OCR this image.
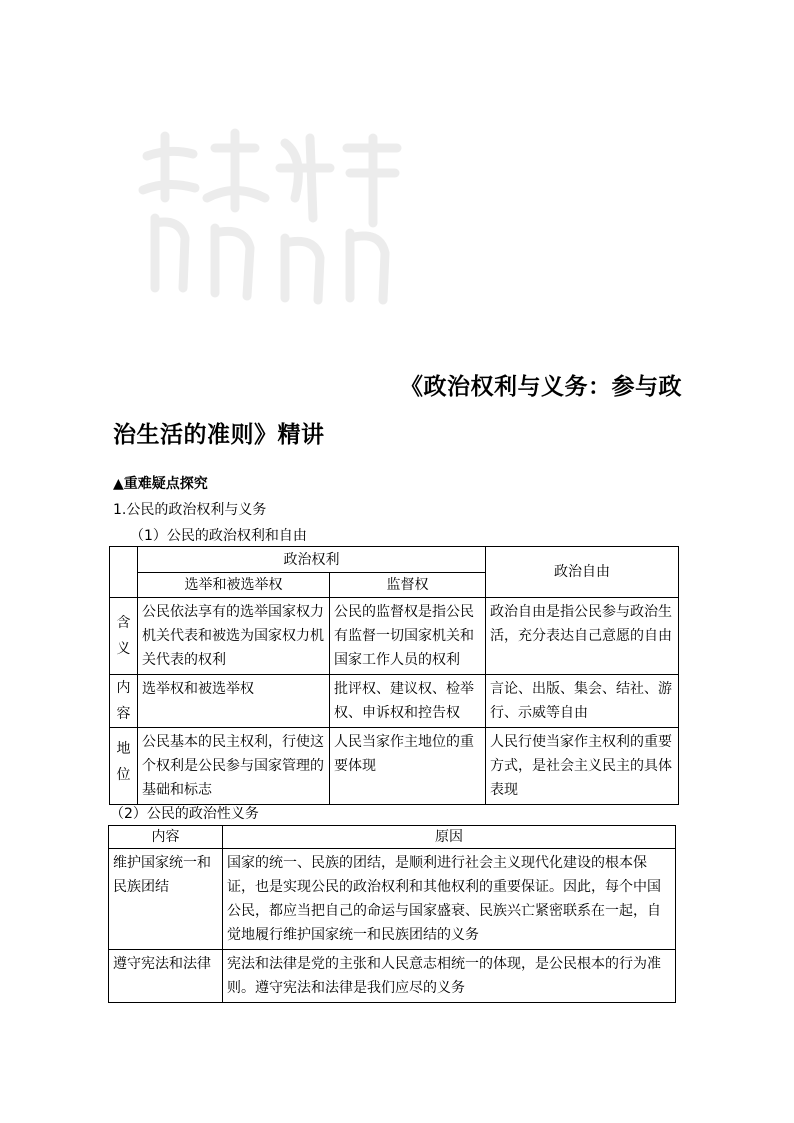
《政治权利与义务：参与政
治生活的准则》精讲
▲重难疑点探究
1.公民的政治权利与义务
（1）公民的政治权利和自由
	政治权利		政治自由
	选举和被选举权	监督权	
含义	公民依法享有的选举国家权力机关代表和被选为国家权力机关代表的权利	公民的监督权是指公民有监督一切国家机关和国家工作人员的权利	政治自由是指公民参与政治生活，充分表达自己意愿的自由
内容	选举权和被选举权	批评权、建议权、检举权、申诉权和控告权	言论、出版、集会、结社、游行、示威等自由
地位	公民基本的民主权利，行使这个权利是公民参与国家管理的基础和标志	人民当家作主地位的重要体现	人民行使当家作主权利的重要方式，是社会主义民主的具体表现
（2）公民的政治性义务
内容	原因
维护国家统一和民族团结	国家的统一、民族的团结，是顺利进行社会主义现代化建设的根本保证，也是实现公民的政治权利和其他权利的重要保证。因此，每个中国公民，都应当把自己的命运与国家盛衰、民族兴亡紧密联系在一起，自觉地履行维护国家统一和民族团结的义务
遵守宪法和法律	宪法和法律是党的主张和人民意志相统一的体现，是公民根本的行为准则。遵守宪法和法律是我们应尽的义务
